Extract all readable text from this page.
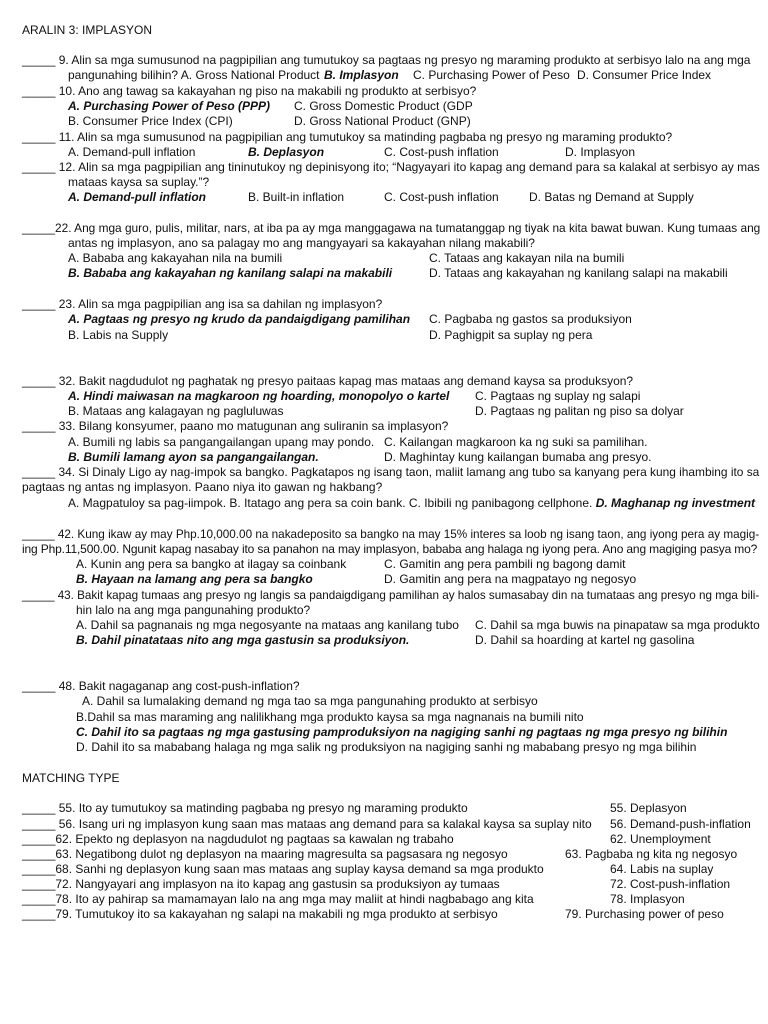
ARALIN 3: IMPLASYON
_____ 9. Alin sa mga sumusunod na pagpipilian ang tumutukoy sa pagtaas ng presyo ng maraming produkto at serbisyo lalo na ang mga
pangunahing bilihin? A. Gross National Product B. Implasyon C. Purchasing Power of Peso D. Consumer Price Index
_____ 10. Ano ang tawag sa kakayahan ng piso na makabili ng produkto at serbisyo?
A. Purchasing Power of Peso (PPP) C. Gross Domestic Product (GDP
B. Consumer Price Index (CPI)	D. Gross National Product (GNP)
_____ 11. Alin sa mga sumusunod na pagpipilian ang tumutukoy sa matinding pagbaba ng presyo ng maraming produkto?
A. Demand-pull inflation	B. Deplasyon	C. Cost-push inflation	D. Implasyon
_____ 12. Alin sa mga pagpipilian ang tininutukoy ng depinisyong ito; “Nagyayari ito kapag ang demand para sa kalakal at serbisyo ay mas
mataas kaysa sa suplay.”?
A. Demand-pull inflation	B. Built-in inflation	C. Cost-push inflation	D. Batas ng Demand at Supply
_____22. Ang mga guro, pulis, militar, nars, at iba pa ay mga manggagawa na tumatanggap ng tiyak na kita bawat buwan. Kung tumaas ang
antas ng implasyon, ano sa palagay mo ang mangyayari sa kakayahan nilang makabili?
A. Bababa ang kakayahan nila na bumili	C. Tataas ang kakayan nila na bumili
B. Bababa ang kakayahan ng kanilang salapi na makabili	D. Tataas ang kakayahan ng kanilang salapi na makabili
_____ 23. Alin sa mga pagpipilian ang isa sa dahilan ng implasyon?
A. Pagtaas ng presyo ng krudo da pandaigdigang pamilihan C. Pagbaba ng gastos sa produksiyon
B. Labis na Supply	D. Paghigpit sa suplay ng pera
_____ 32. Bakit nagdudulot ng paghatak ng presyo paitaas kapag mas mataas ang demand kaysa sa produksyon?
A. Hindi maiwasan na magkaroon ng hoarding, monopolyo o kartel C. Pagtaas ng suplay ng salapi
B. Mataas ang kalagayan ng pagluluwas	D. Pagtaas ng palitan ng piso sa dolyar
_____ 33. Bilang konsyumer, paano mo matugunan ang suliranin sa implasyon?
A. Bumili ng labis sa pangangailangan upang may pondo. C. Kailangan magkaroon ka ng suki sa pamilihan.
B. Bumili lamang ayon sa pangangailangan.	D. Maghintay kung kailangan bumaba ang presyo.
_____ 34. Si Dinaly Ligo ay nag-impok sa bangko. Pagkatapos ng isang taon, maliit lamang ang tubo sa kanyang pera kung ihambing ito sa
pagtaas ng antas ng implasyon. Paano niya ito gawan ng hakbang?
A. Magpatuloy sa pag-iimpok. B. Itatago ang pera sa coin bank. C. Ibibili ng panibagong cellphone. D. Maghanap ng investment
_____ 42. Kung ikaw ay may Php.10,000.00 na nakadeposito sa bangko na may 15% interes sa loob ng isang taon, ang iyong pera ay magig-
ing Php.11,500.00. Ngunit kapag nasabay ito sa panahon na may implasyon, bababa ang halaga ng iyong pera. Ano ang magiging pasya mo?
A. Kunin ang pera sa bangko at ilagay sa coinbank	C. Gamitin ang pera pambili ng bagong damit
B. Hayaan na lamang ang pera sa bangko	D. Gamitin ang pera na magpatayo ng negosyo
_____ 43. Bakit kapag tumaas ang presyo ng langis sa pandaigdigang pamilihan ay halos sumasabay din na tumataas ang presyo ng mga bili-
hin lalo na ang mga pangunahing produkto?
A. Dahil sa pagnanais ng mga negosyante na mataas ang kanilang tubo C. Dahil sa mga buwis na pinapataw sa mga produkto
B. Dahil pinatataas nito ang mga gastusin sa produksiyon.	D. Dahil sa hoarding at kartel ng gasolina
_____ 48. Bakit nagaganap ang cost-push-inflation?
A. Dahil sa lumalaking demand ng mga tao sa mga pangunahing produkto at serbisyo
B.Dahil sa mas maraming ang nalilikhang mga produkto kaysa sa mga nagnanais na bumili nito
C. Dahil ito sa pagtaas ng mga gastusing pamproduksiyon na nagiging sanhi ng pagtaas ng mga presyo ng bilihin
D. Dahil ito sa mababang halaga ng mga salik ng produksiyon na nagiging sanhi ng mababang presyo ng mga bilihin
MATCHING TYPE
_____ 55. Ito ay tumutukoy sa matinding pagbaba ng presyo ng maraming produkto	55. Deplasyon
_____ 56. Isang uri ng implasyon kung saan mas mataas ang demand para sa kalakal kaysa sa suplay nito 56. Demand-push-inflation
_____62. Epekto ng deplasyon na nagdudulot ng pagtaas sa kawalan ng trabaho	62. Unemployment
_____63. Negatibong dulot ng deplasyon na maaring magresulta sa pagsasara ng negosyo	63. Pagbaba ng kita ng negosyo
_____68. Sanhi ng deplasyon kung saan mas mataas ang suplay kaysa demand sa mga produkto	64. Labis na suplay
_____72. Nangyayari ang implasyon na ito kapag ang gastusin sa produksiyon ay tumaas	72. Cost-push-inflation
_____78. Ito ay pahirap sa mamamayan lalo na ang mga may maliit at hindi nagbabago ang kita	78. Implasyon
_____79. Tumutukoy ito sa kakayahan ng salapi na makabili ng mga produkto at serbisyo	79. Purchasing power of peso
